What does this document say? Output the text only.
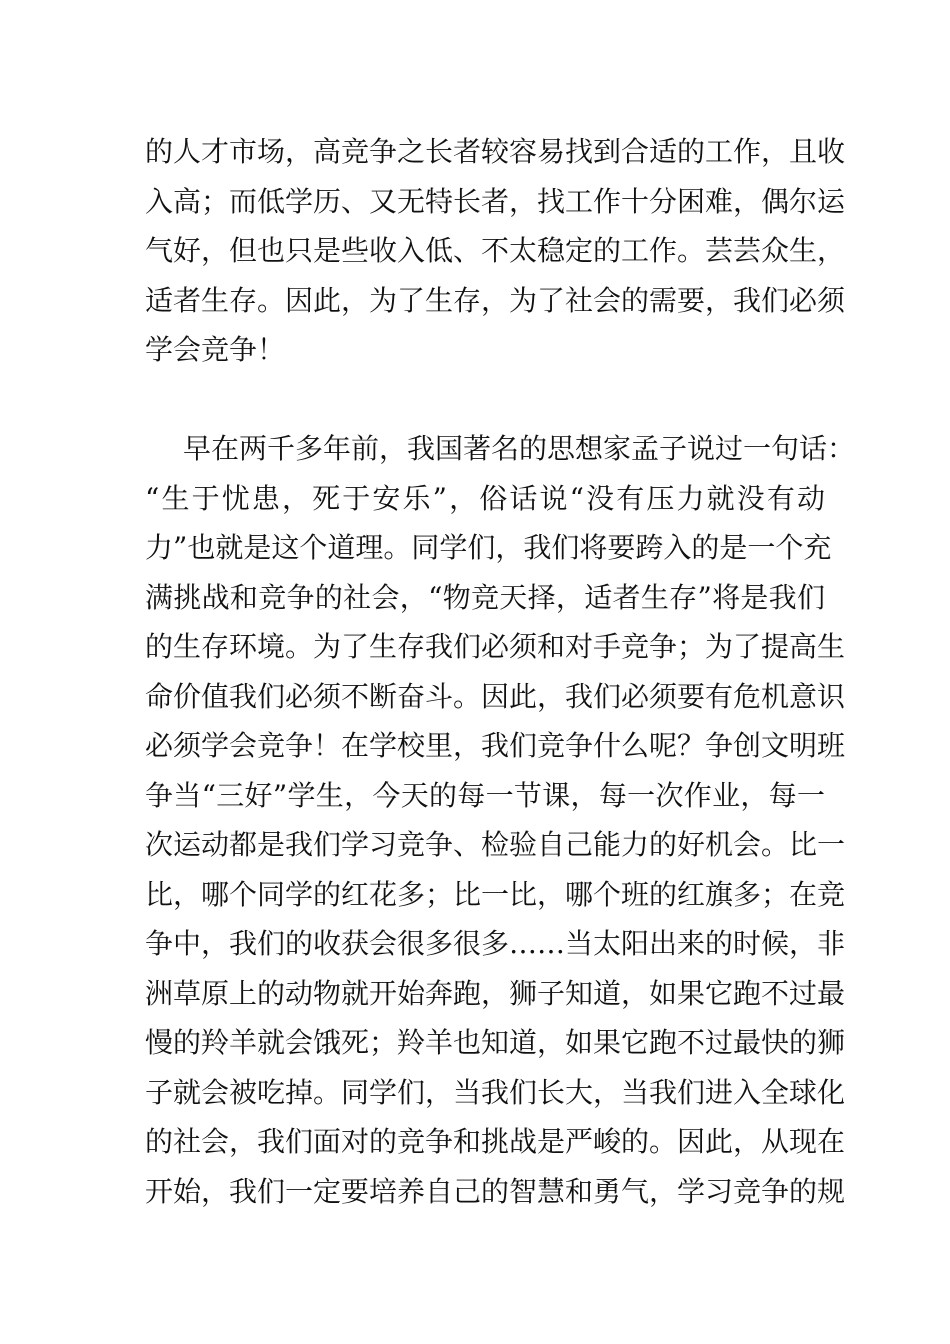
的人才市场，高竞争之长者较容易找到合适的工作，且收
入高；而低学历、又无特长者，找工作十分困难，偶尔运
气好，但也只是些收入低、不太稳定的工作。芸芸众生，
适者生存。因此，为了生存，为了社会的需要，我们必须
学会竞争！
早在两千多年前，我国著名的思想家孟子说过一句话：
“生于忧患，死于安乐”，俗话说“没有压力就没有动
力”也就是这个道理。同学们，我们将要跨入的是一个充
满挑战和竞争的社会，“物竞天择，适者生存”将是我们
的生存环境。为了生存我们必须和对手竞争；为了提高生
命价值我们必须不断奋斗。因此，我们必须要有危机意识
必须学会竞争！在学校里，我们竞争什么呢？争创文明班
争当“三好”学生，今天的每一节课，每一次作业，每一
次运动都是我们学习竞争、检验自己能力的好机会。比一
比，哪个同学的红花多；比一比，哪个班的红旗多；在竞
争中，我们的收获会很多很多……当太阳出来的时候，非
洲草原上的动物就开始奔跑，狮子知道，如果它跑不过最
慢的羚羊就会饿死；羚羊也知道，如果它跑不过最快的狮
子就会被吃掉。同学们，当我们长大，当我们进入全球化
的社会，我们面对的竞争和挑战是严峻的。因此，从现在
开始，我们一定要培养自己的智慧和勇气，学习竞争的规
